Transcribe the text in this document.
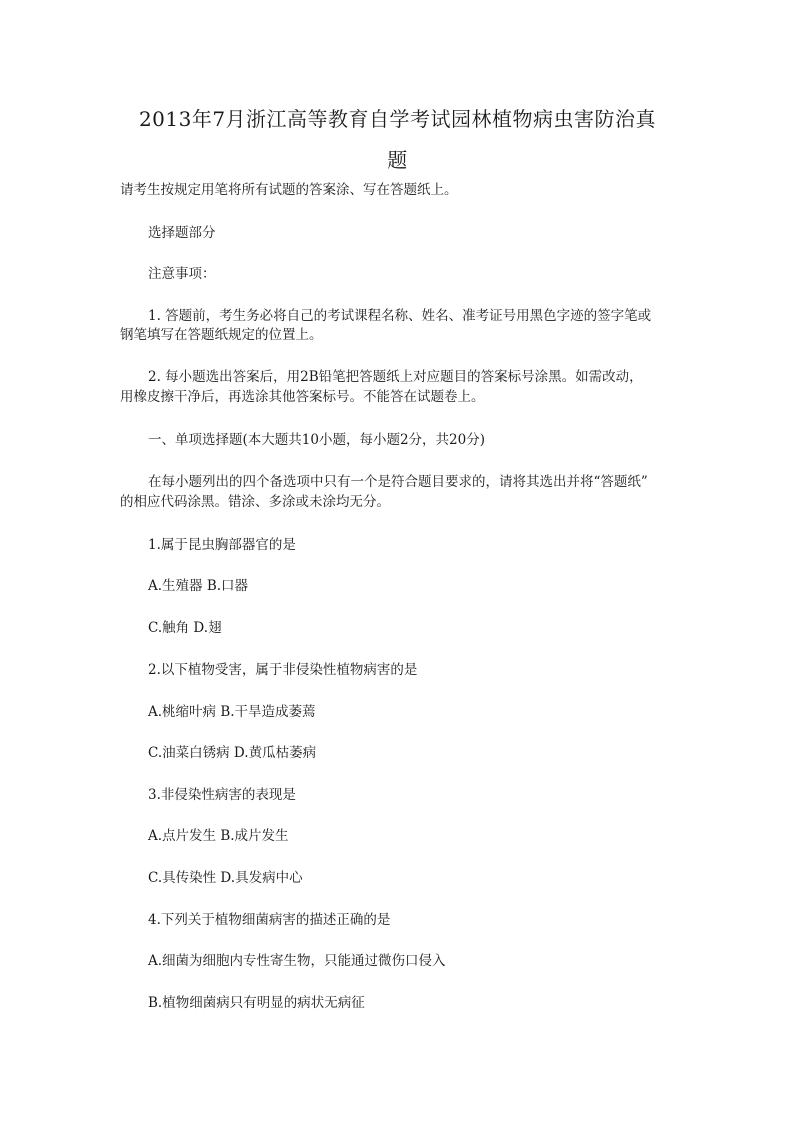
2013年7月浙江高等教育自学考试园林植物病虫害防治真
题
请考生按规定用笔将所有试题的答案涂、写在答题纸上。
选择题部分
注意事项：
1. 答题前，考生务必将自己的考试课程名称、姓名、准考证号用黑色字迹的签字笔或
钢笔填写在答题纸规定的位置上。
2. 每小题选出答案后，用2B铅笔把答题纸上对应题目的答案标号涂黑。如需改动，
用橡皮擦干净后，再选涂其他答案标号。不能答在试题卷上。
一、单项选择题(本大题共10小题，每小题2分，共20分)
在每小题列出的四个备选项中只有一个是符合题目要求的，请将其选出并将“答题纸”
的相应代码涂黑。错涂、多涂或未涂均无分。
1.属于昆虫胸部器官的是
A.生殖器 B.口器
C.触角 D.翅
2.以下植物受害，属于非侵染性植物病害的是
A.桃缩叶病 B.干旱造成萎蔫
C.油菜白锈病 D.黄瓜枯萎病
3.非侵染性病害的表现是
A.点片发生 B.成片发生
C.具传染性 D.具发病中心
4.下列关于植物细菌病害的描述正确的是
A.细菌为细胞内专性寄生物，只能通过微伤口侵入
B.植物细菌病只有明显的病状无病征
